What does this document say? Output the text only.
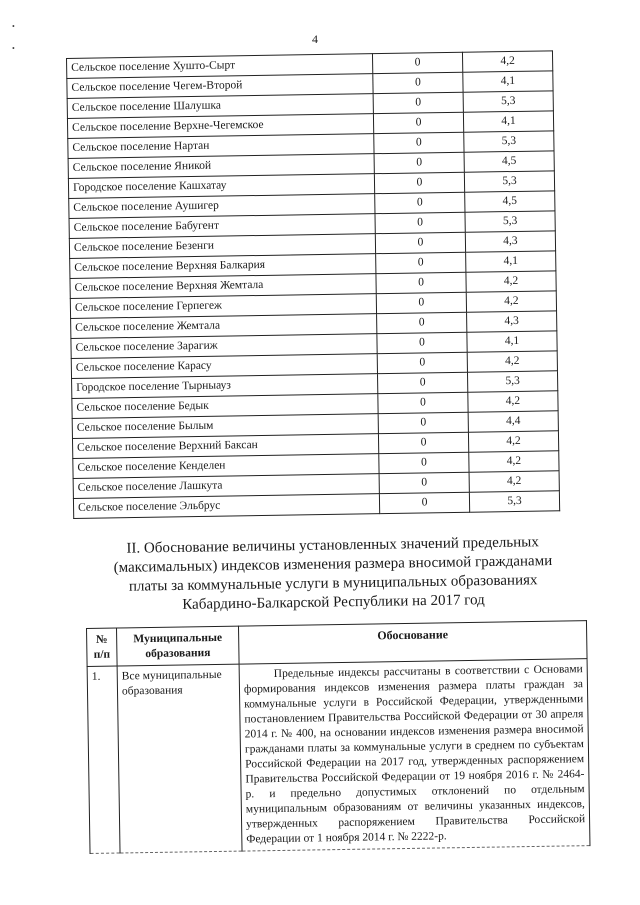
•
•
4
Сельское поселение Хушто-Сырт	0	4,2
Сельское поселение Чегем-Второй	0	4,1
Сельское поселение Шалушка	0	5,3
Сельское поселение Верхне-Чегемское	0	4,1
Сельское поселение Нартан	0	5,3
Сельское поселение Яникой	0	4,5
Городское поселение Кашхатау	0	5,3
Сельское поселение Аушигер	0	4,5
Сельское поселение Бабугент	0	5,3
Сельское поселение Безенги	0	4,3
Сельское поселение Верхняя Балкария	0	4,1
Сельское поселение Верхняя Жемтала	0	4,2
Сельское поселение Герпегеж	0	4,2
Сельское поселение Жемтала	0	4,3
Сельское поселение Зарагиж	0	4,1
Сельское поселение Карасу	0	4,2
Городское поселение Тырныауз	0	5,3
Сельское поселение Бедык	0	4,2
Сельское поселение Былым	0	4,4
Сельское поселение Верхний Баксан	0	4,2
Сельское поселение Кенделен	0	4,2
Сельское поселение Лашкута	0	4,2
Сельское поселение Эльбрус	0	5,3
II. Обоснование величины установленных значений предельных (максимальных) индексов изменения размера вносимой гражданами платы за коммунальные услуги в муниципальных образованиях Кабардино-Балкарской Республики на 2017 год
№ п/п	Муниципальные образования	Обоснование
1.	Все муниципальные образования	Предельные индексы рассчитаны в соответствии с Основами формирования индексов изменения размера платы граждан за коммунальные услуги в Российской Федерации, утвержденными постановлением Правительства Российской Федерации от 30 апреля 2014 г. № 400, на основании индексов изменения размера вносимой гражданами платы за коммунальные услуги в среднем по субъектам Российской Федерации на 2017 год, утвержденных распоряжением Правительства Российской Федерации от 19 ноября 2016 г. № 2464-р. и предельно допустимых отклонений по отдельным муниципальным образованиям от величины указанных индексов, утвержденных распоряжением Правительства Российской Федерации от 1 ноября 2014 г. № 2222-р.
